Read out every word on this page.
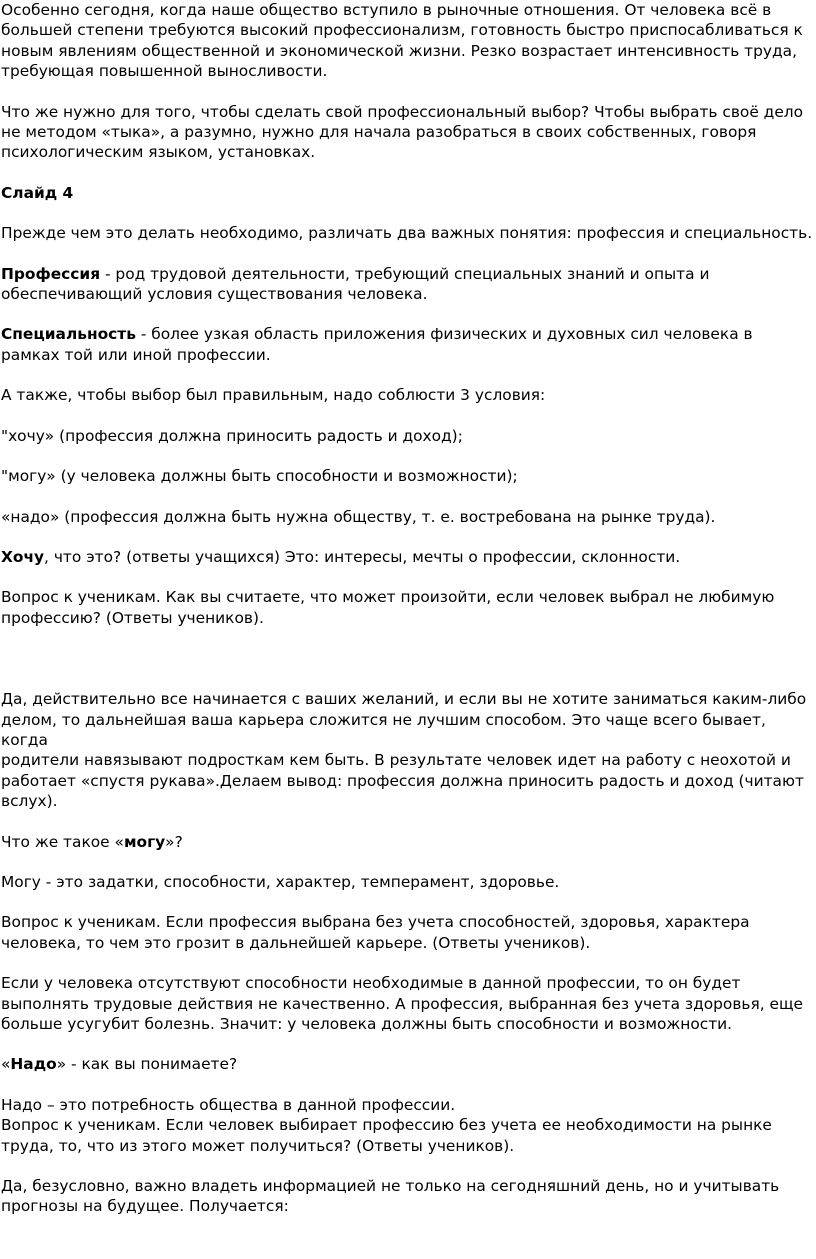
Особенно сегодня, когда наше общество вступило в рыночные отношения. От человека всё в
большей степени требуются высокий профессионализм, готовность быстро приспосабливаться к
новым явлениям общественной и экономической жизни. Резко возрастает интенсивность труда,
требующая повышенной выносливости.

Что же нужно для того, чтобы сделать свой профессиональный выбор? Чтобы выбрать своё дело
не методом «тыка», а разумно, нужно для начала разобраться в своих собственных, говоря
психологическим языком, установках.

Слайд 4

Прежде чем это делать необходимо, различать два важных понятия: профессия и специальность.

Профессия - род трудовой деятельности, требующий специальных знаний и опыта и
обеспечивающий условия существования человека.

Специальность - более узкая область приложения физических и духовных сил человека в
рамках той или иной профессии.

А также, чтобы выбор был правильным, надо соблюсти 3 условия:

"хочу» (профессия должна приносить радость и доход);

"могу» (у человека должны быть способности и возможности);

«надо» (профессия должна быть нужна обществу, т. е. востребована на рынке труда).

Хочу, что это? (ответы учащихся) Это: интересы, мечты о профессии, склонности.

Вопрос к ученикам. Как вы считаете, что может произойти, если человек выбрал не любимую
профессию? (Ответы учеников).

Да, действительно все начинается с ваших желаний, и если вы не хотите заниматься каким-либо
делом, то дальнейшая ваша карьера сложится не лучшим способом. Это чаще всего бывает, когда
родители навязывают подросткам кем быть. В результате человек идет на работу с неохотой и
работает «спустя рукава».Делаем вывод: профессия должна приносить радость и доход (читают
вслух).

Что же такое «могу»?

Могу - это задатки, способности, характер, темперамент, здоровье.

Вопрос к ученикам. Если профессия выбрана без учета способностей, здоровья, характера
человека, то чем это грозит в дальнейшей карьере. (Ответы учеников).

Если у человека отсутствуют способности необходимые в данной профессии, то он будет
выполнять трудовые действия не качественно. А профессия, выбранная без учета здоровья, еще
больше усугубит болезнь. Значит: у человека должны быть способности и возможности.

«Надо» - как вы понимаете?

Надо – это потребность общества в данной профессии.
Вопрос к ученикам. Если человек выбирает профессию без учета ее необходимости на рынке
труда, то, что из этого может получиться? (Ответы учеников).

Да, безусловно, важно владеть информацией не только на сегодняшний день, но и учитывать
прогнозы на будущее. Получается:
